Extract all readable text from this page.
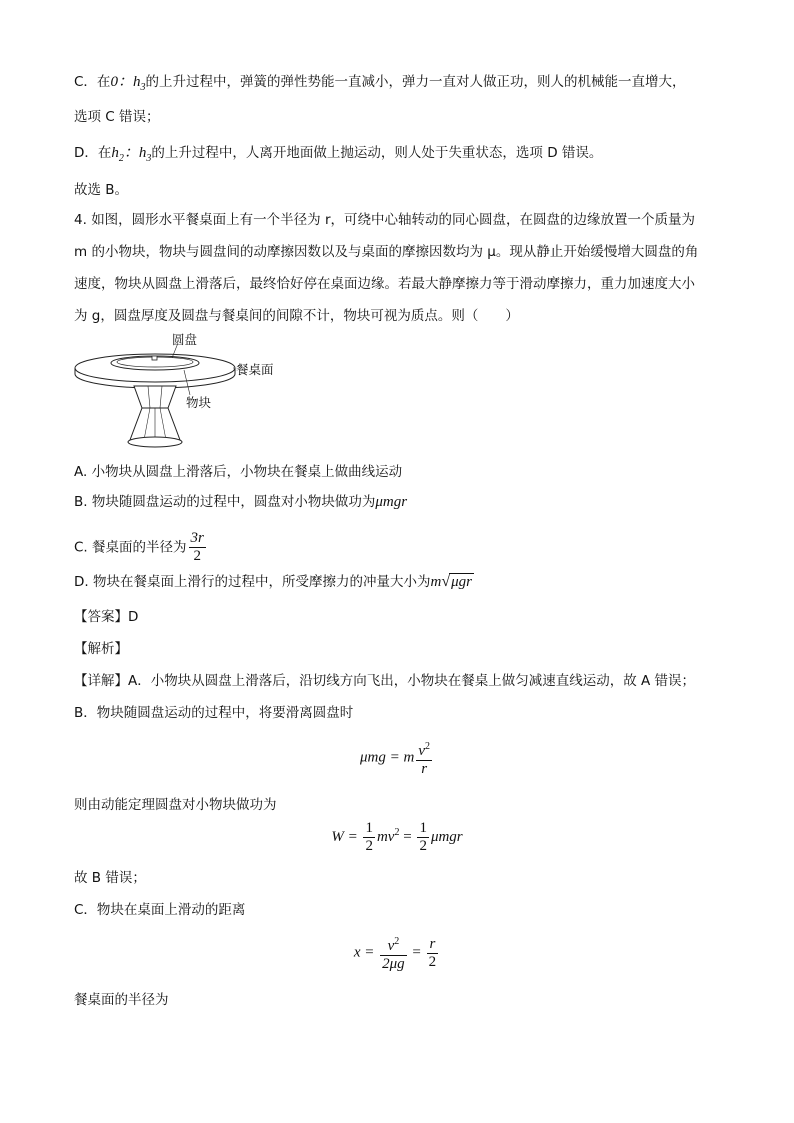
C．在0：$h_3$的上升过程中，弹簧的弹性势能一直减小，弹力一直对人做正功，则人的机械能一直增大，
选项 C 错误；
D．在$h_2$：$h_3$的上升过程中，人离开地面做上抛运动，则人处于失重状态，选项 D 错误。
故选 B。
4. 如图，圆形水平餐桌面上有一个半径为 r，可绕中心轴转动的同心圆盘，在圆盘的边缘放置一个质量为
m 的小物块，物块与圆盘间的动摩擦因数以及与桌面的摩擦因数均为 μ。现从静止开始缓慢增大圆盘的角
速度，物块从圆盘上滑落后，最终恰好停在桌面边缘。若最大静摩擦力等于滑动摩擦力，重力加速度大小
为 g，圆盘厚度及圆盘与餐桌间的间隙不计，物块可视为质点。则（　　）
圆盘
餐桌面
物块
A. 小物块从圆盘上滑落后，小物块在餐桌上做曲线运动
B. 物块随圆盘运动的过程中，圆盘对小物块做功为μmgr
C. 餐桌面的半径为 $\frac{3r}{2}$
D. 物块在餐桌面上滑行的过程中，所受摩擦力的冲量大小为m√μgr
【答案】D
【解析】
【详解】A．小物块从圆盘上滑落后，沿切线方向飞出，小物块在餐桌上做匀减速直线运动，故 A 错误；
B．物块随圆盘运动的过程中，将要滑离圆盘时
μmg = m $\frac{v^2}{r}$
则由动能定理圆盘对小物块做功为
$W = \frac{1}{2} mv^2 = \frac{1}{2}$ μmgr
故 B 错误；
C．物块在桌面上滑动的距离
$x = \frac{v^2}{2\mu g} = \frac{r}{2}$
餐桌面的半径为
